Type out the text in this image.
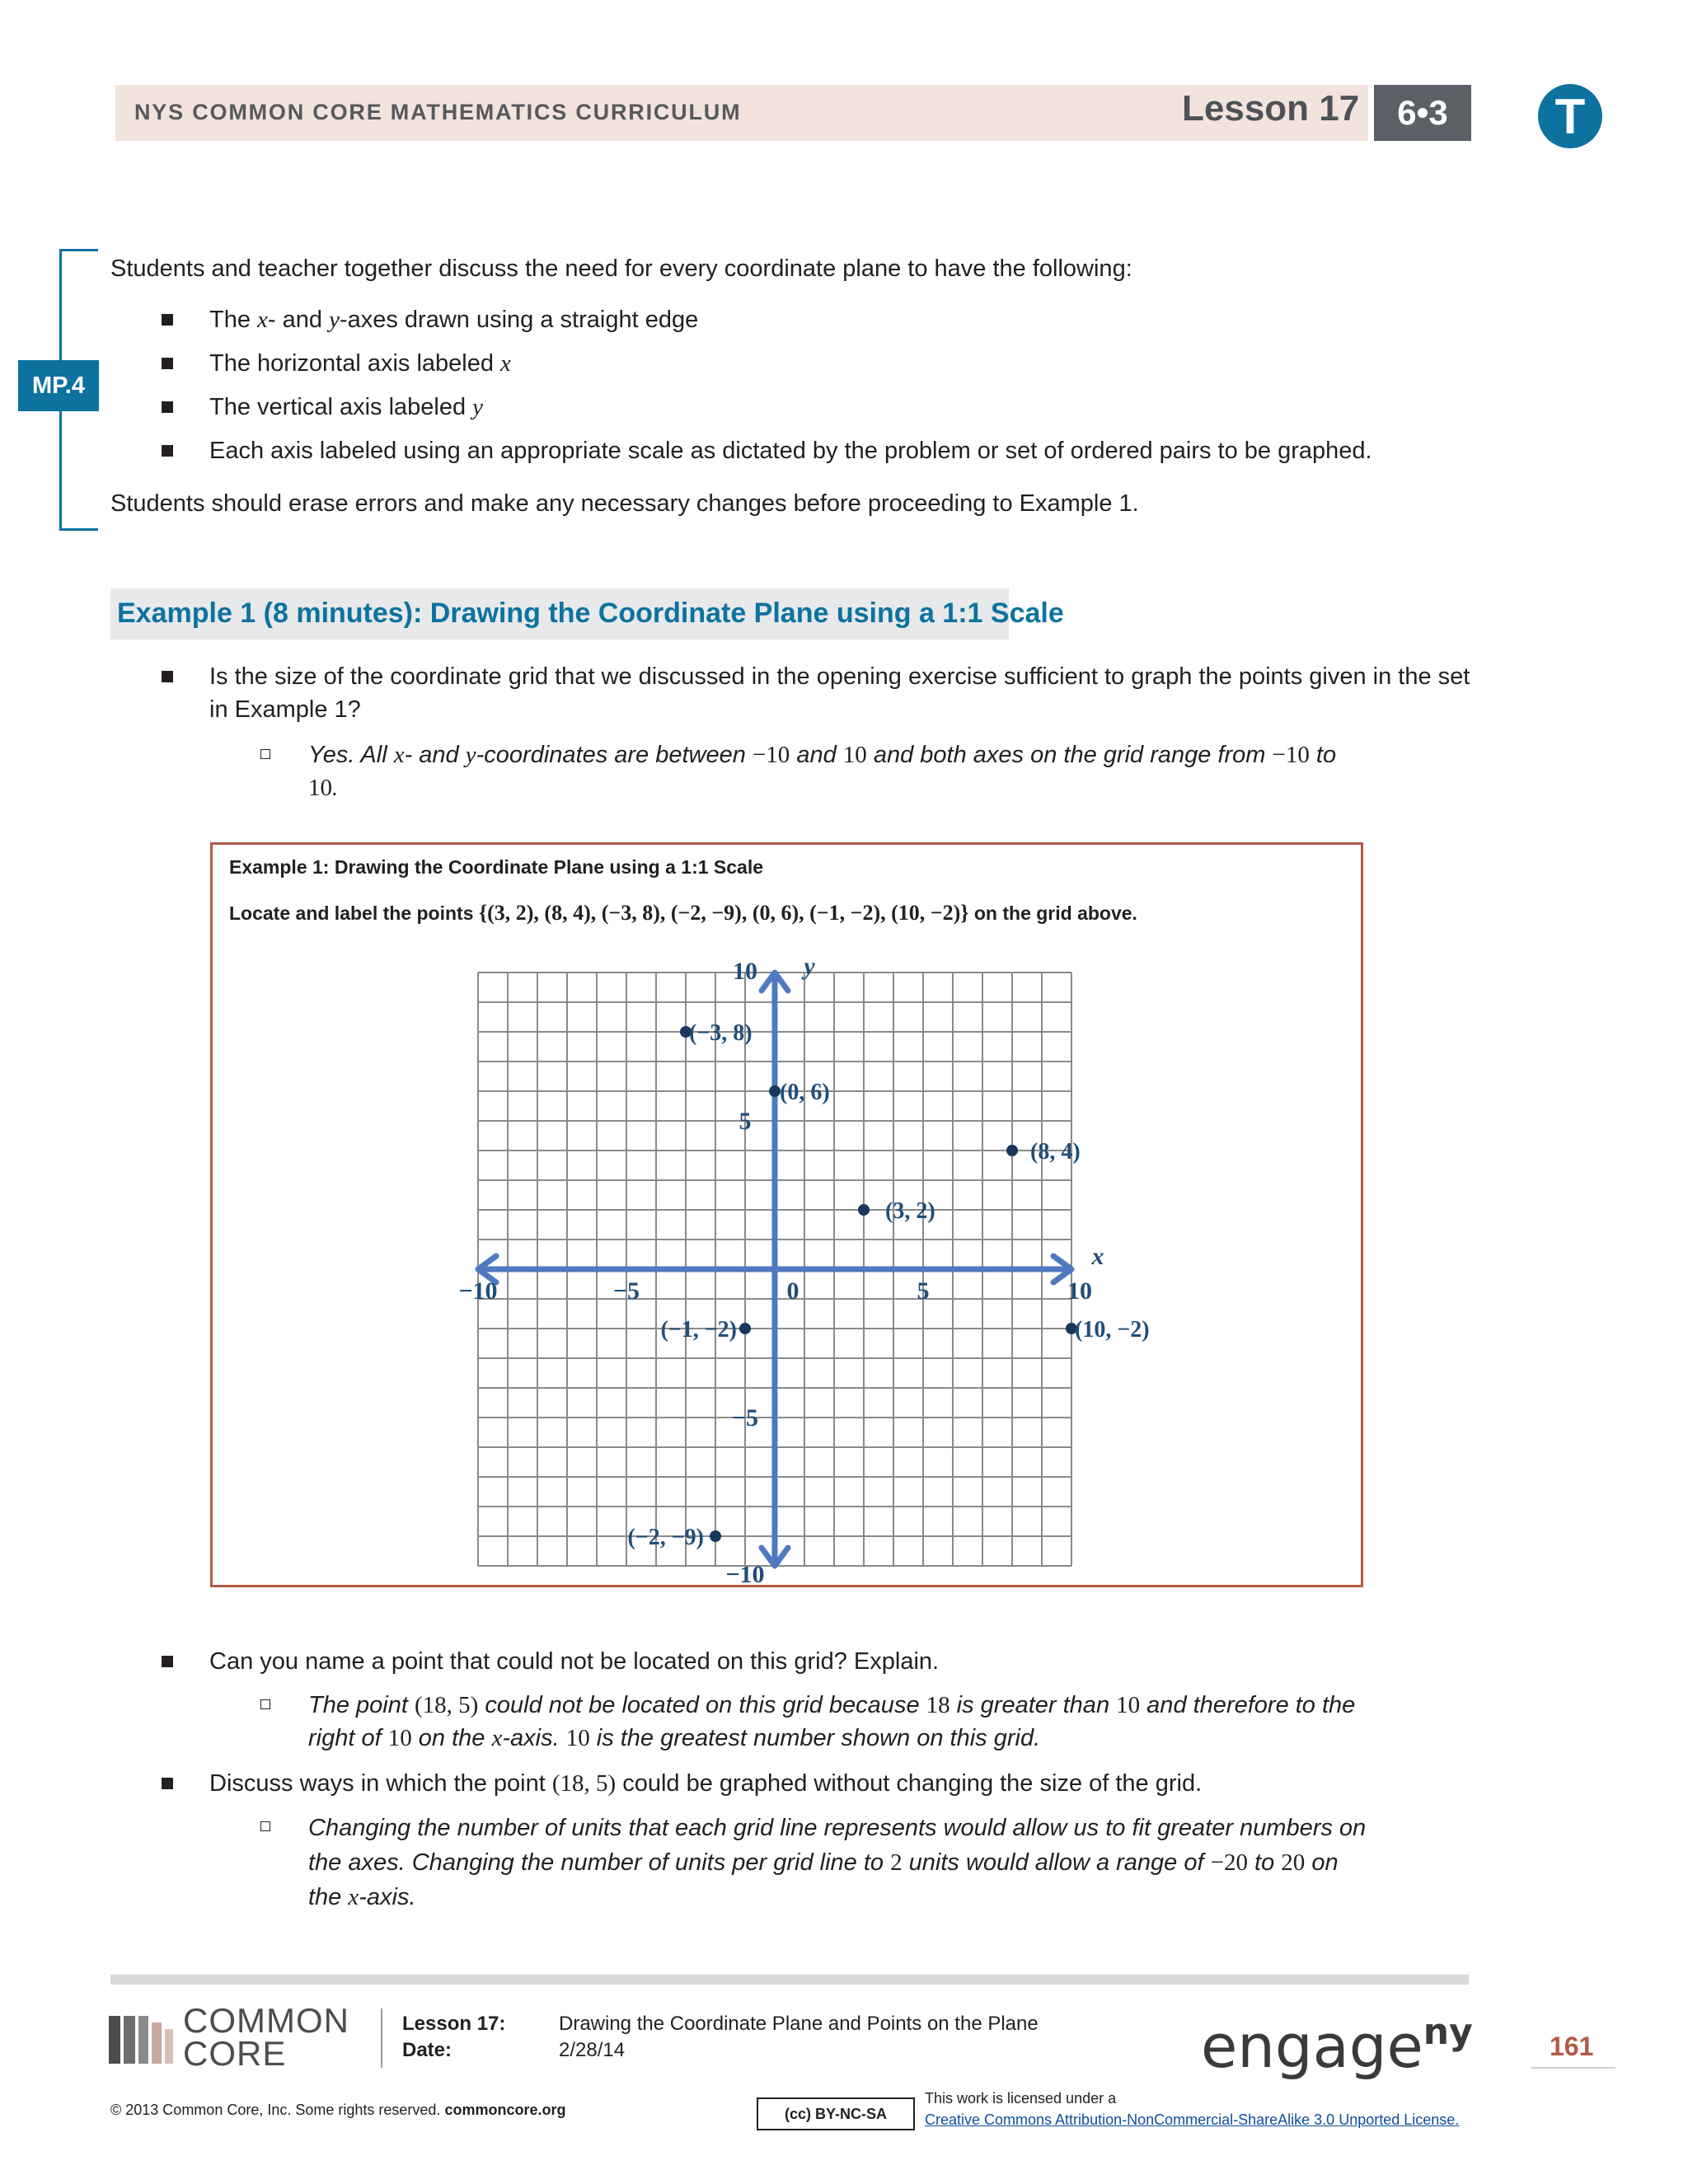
NYS COMMON CORE MATHEMATICS CURRICULUM	Lesson 17	6•3	T
MP.4
Students and teacher together discuss the need for every coordinate plane to have the following:
The x- and y-axes drawn using a straight edge
The horizontal axis labeled x
The vertical axis labeled y
Each axis labeled using an appropriate scale as dictated by the problem or set of ordered pairs to be graphed.
Students should erase errors and make any necessary changes before proceeding to Example 1.
Example 1 (8 minutes): Drawing the Coordinate Plane using a 1:1 Scale
Is the size of the coordinate grid that we discussed in the opening exercise sufficient to graph the points given in the set in Example 1?
Yes. All x- and y-coordinates are between −10 and 10 and both axes on the grid range from −10 to
10.
Example 1: Drawing the Coordinate Plane using a 1:1 Scale
Locate and label the points {(3, 2), (8, 4), (−3, 8), (−2, −9), (0, 6), (−1, −2), (10, −2)} on the grid above.
x
y
−10	−5	0	5	10
10
5
−5
−10
(3, 2)
(8, 4)
(−3, 8)
(−2, −9)
(0, 6)
(−1, −2)	(10, −2)
Can you name a point that could not be located on this grid? Explain.
The point (18, 5) could not be located on this grid because 18 is greater than 10 and therefore to the
right of 10 on the x-axis. 10 is the greatest number shown on this grid.
Discuss ways in which the point (18, 5) could be graphed without changing the size of the grid.
Changing the number of units that each grid line represents would allow us to fit greater numbers on
the axes. Changing the number of units per grid line to 2 units would allow a range of −20 to 20 on
the x-axis.
COMMON
CORE
Lesson 17:
Date:
Drawing the Coordinate Plane and Points on the Plane
2/28/14	engage$^{ny}$	161
© 2013 Common Core, Inc. Some rights reserved. commoncore.org	(cc) BY-NC-SA
This work is licensed under a
Creative Commons Attribution-NonCommercial-ShareAlike 3.0 Unported License.
